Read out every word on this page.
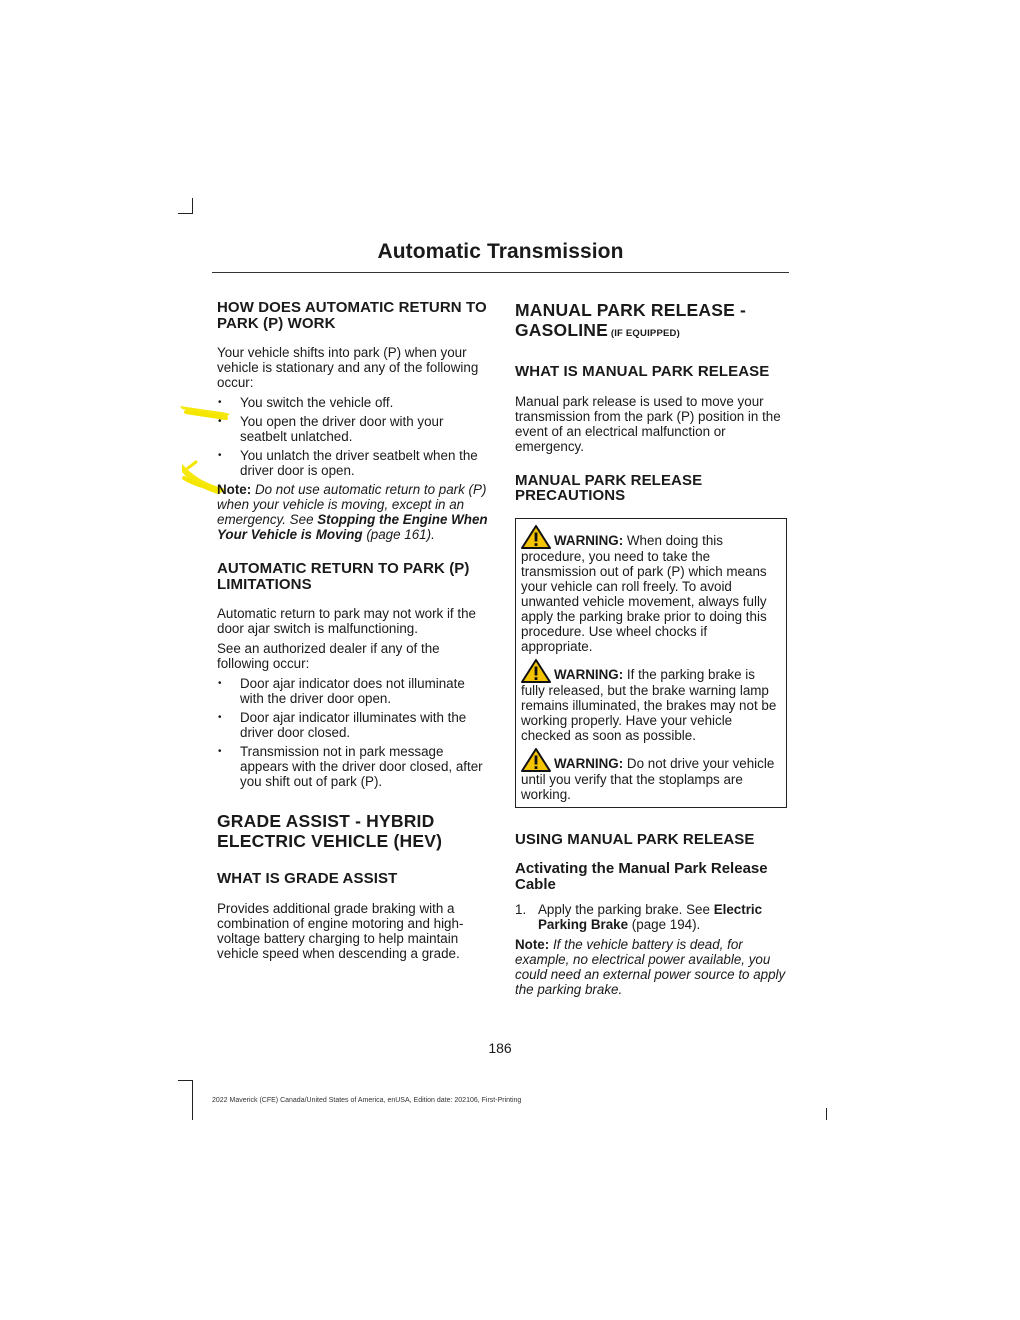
Automatic Transmission
HOW DOES AUTOMATIC RETURN TO PARK (P) WORK

Your vehicle shifts into park (P) when your vehicle is stationary and any of the following occur:

• You switch the vehicle off.
• You open the driver door with your seatbelt unlatched.
• You unlatch the driver seatbelt when the driver door is open.

Note: Do not use automatic return to park (P) when your vehicle is moving, except in an emergency. See Stopping the Engine When Your Vehicle is Moving (page 161).

AUTOMATIC RETURN TO PARK (P) LIMITATIONS

Automatic return to park may not work if the door ajar switch is malfunctioning.

See an authorized dealer if any of the following occur:

• Door ajar indicator does not illuminate with the driver door open.
• Door ajar indicator illuminates with the driver door closed.
• Transmission not in park message appears with the driver door closed, after you shift out of park (P).
GRADE ASSIST - HYBRID ELECTRIC VEHICLE (HEV)
WHAT IS GRADE ASSIST

Provides additional grade braking with a combination of engine motoring and high-voltage battery charging to help maintain vehicle speed when descending a grade.

MANUAL PARK RELEASE - GASOLINE (IF EQUIPPED)
WHAT IS MANUAL PARK RELEASE

Manual park release is used to move your transmission from the park (P) position in the event of an electrical malfunction or emergency.

MANUAL PARK RELEASE PRECAUTIONS

WARNING: When doing this procedure, you need to take the transmission out of park (P) which means your vehicle can roll freely. To avoid unwanted vehicle movement, always fully apply the parking brake prior to doing this procedure. Use wheel chocks if appropriate.

WARNING: If the parking brake is fully released, but the brake warning lamp remains illuminated, the brakes may not be working properly. Have your vehicle checked as soon as possible.

WARNING: Do not drive your vehicle until you verify that the stoplamps are working.

USING MANUAL PARK RELEASE
Activating the Manual Park Release Cable
1. Apply the parking brake. See Electric Parking Brake (page 194).

Note: If the vehicle battery is dead, for example, no electrical power available, you could need an external power source to apply the parking brake.

186
2022 Maverick (CFE) Canada/United States of America, enUSA, Edition date: 202106, First-Printing
